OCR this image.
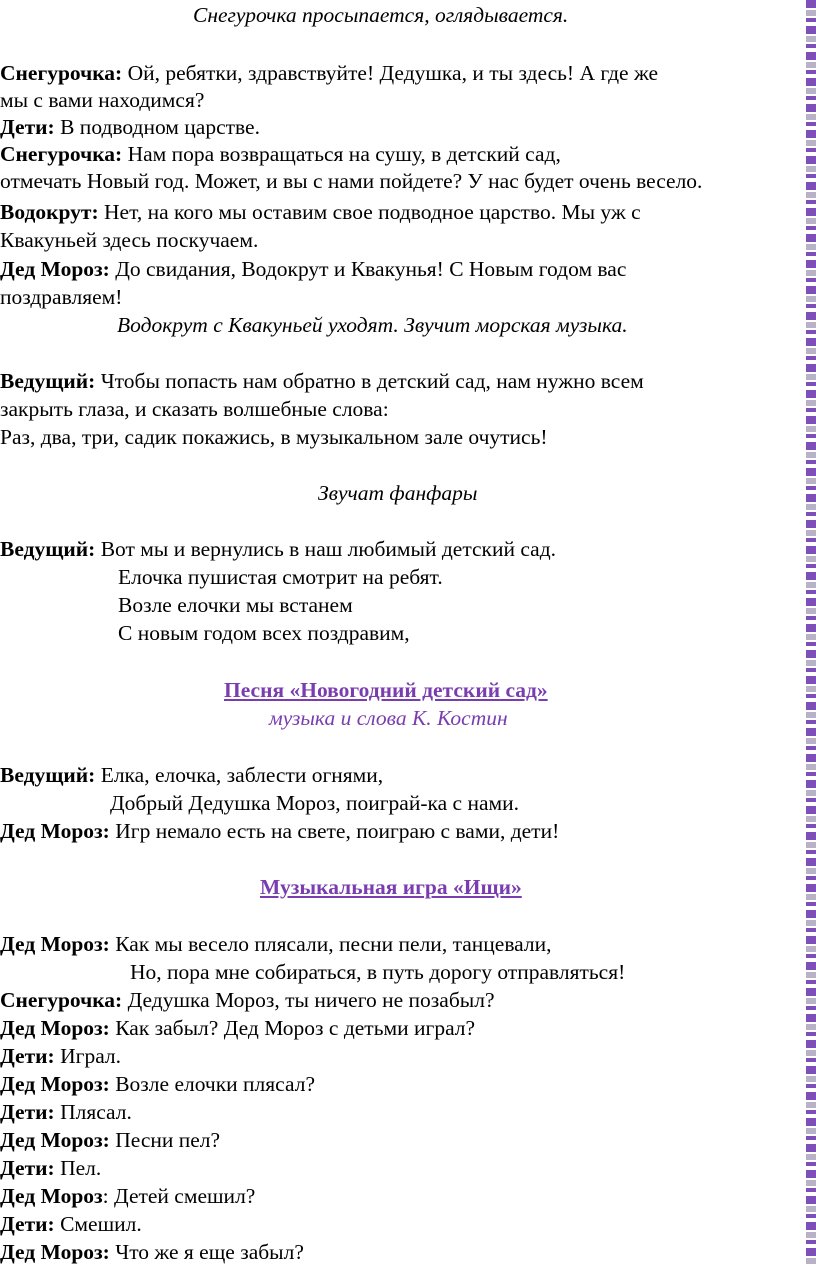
Снегурочка просыпается, оглядывается.
Снегурочка: Ой, ребятки, здравствуйте! Дедушка, и ты здесь! А где же
мы с вами находимся?
Дети: В подводном царстве.
Снегурочка: Нам пора возвращаться на сушу, в детский сад,
отмечать Новый год. Может, и вы с нами пойдете? У нас будет очень весело.
Водокрут: Нет, на кого мы оставим свое подводное царство. Мы уж с
Квакуньей здесь поскучаем.
Дед Мороз: До свидания, Водокрут и Квакунья! С Новым годом вас
поздравляем!
Водокрут с Квакуньей уходят. Звучит морская музыка.
Ведущий: Чтобы попасть нам обратно в детский сад, нам нужно всем
закрыть глаза, и сказать волшебные слова:
Раз, два, три, садик покажись, в музыкальном зале очутись!
Звучат фанфары
Ведущий: Вот мы и вернулись в наш любимый детский сад.
Елочка пушистая смотрит на ребят.
Возле елочки мы встанем
С новым годом всех поздравим,
Песня «Новогодний детский сад»
музыка и слова К. Костин
Ведущий: Елка, елочка, заблести огнями,
Добрый Дедушка Мороз, поиграй-ка с нами.
Дед Мороз: Игр немало есть на свете, поиграю с вами, дети!
Музыкальная игра «Ищи»
Дед Мороз: Как мы весело плясали, песни пели, танцевали,
Но, пора мне собираться, в путь дорогу отправляться!
Снегурочка: Дедушка Мороз, ты ничего не позабыл?
Дед Мороз: Как забыл? Дед Мороз с детьми играл?
Дети: Играл.
Дед Мороз: Возле елочки плясал?
Дети: Плясал.
Дед Мороз: Песни пел?
Дети: Пел.
Дед Мороз: Детей смешил?
Дети: Смешил.
Дед Мороз: Что же я еще забыл?
